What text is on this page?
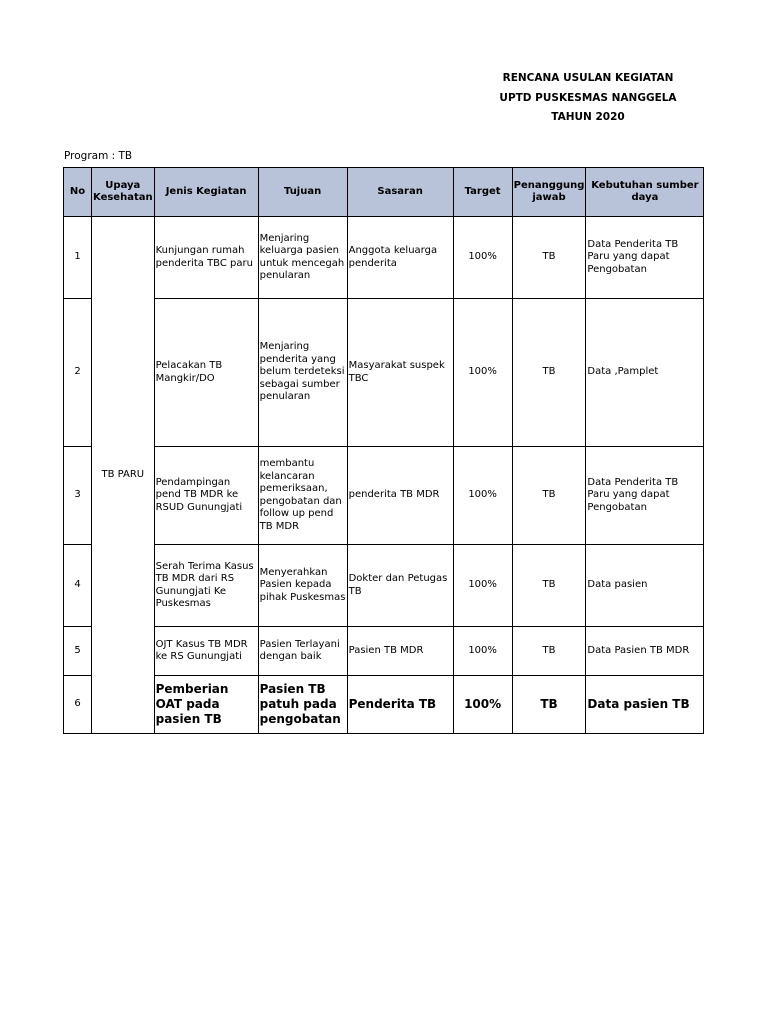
RENCANA USULAN KEGIATAN
UPTD PUSKESMAS NANGGELA
TAHUN 2020
Program : TB
No	Upaya Kesehatan	Jenis Kegiatan	Tujuan	Sasaran	Target	Penanggung jawab	Kebutuhan sumber daya
1	TB PARU	Kunjungan rumah penderita TBC paru	Menjaring keluarga pasien untuk mencegah penularan	Anggota keluarga penderita	100%	TB	Data Penderita TB Paru yang dapat Pengobatan
2		Pelacakan TB Mangkir/DO	Menjaring penderita yang belum terdeteksi sebagai sumber penularan	Masyarakat suspek TBC	100%	TB	Data ,Pamplet
3		Pendampingan pend TB MDR ke RSUD Gunungjati	membantu kelancaran pemeriksaan, pengobatan dan follow up pend TB MDR	penderita TB MDR	100%	TB	Data Penderita TB Paru yang dapat Pengobatan
4		Serah Terima Kasus TB MDR dari RS Gunungjati Ke Puskesmas	Menyerahkan Pasien kepada pihak Puskesmas	Dokter dan Petugas TB	100%	TB	Data pasien
5		OJT Kasus TB MDR ke RS Gunungjati	Pasien Terlayani dengan baik	Pasien TB MDR	100%	TB	Data Pasien TB MDR
6		Pemberian OAT pada pasien TB	Pasien TB patuh pada pengobatan	Penderita TB	100%	TB	Data pasien TB
